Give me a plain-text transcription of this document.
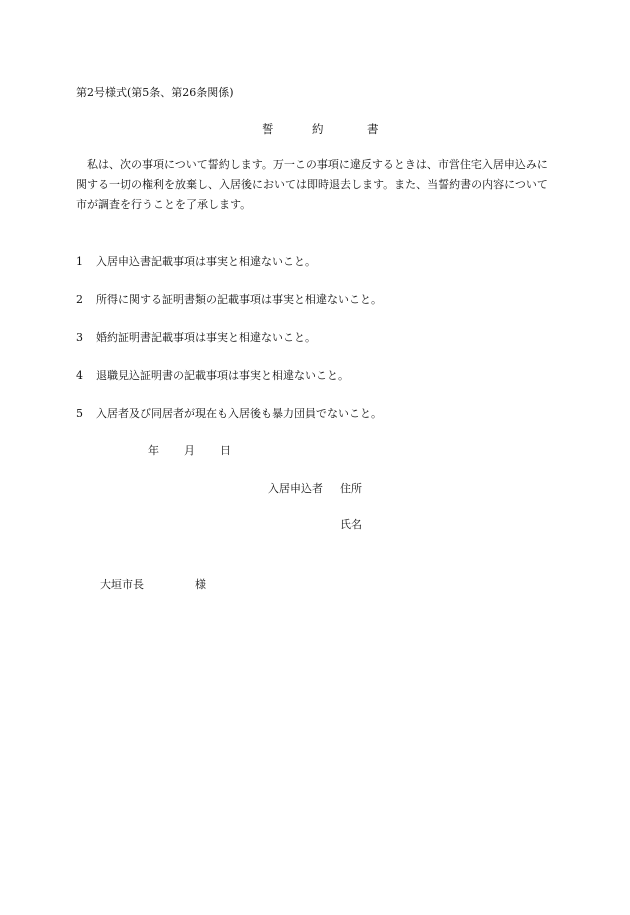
第2号様式(第5条、第26条関係)
誓	約	書

私は、次の事項について誓約します。万一この事項に違反するときは、市営住宅入居申込みに関する一切の権利を放棄し、入居後においては即時退去します。また、当誓約書の内容について市が調査を行うことを了承します。

1 入居申込書記載事項は事実と相違ないこと。
2 所得に関する証明書類の記載事項は事実と相違ないこと。
3 婚約証明書記載事項は事実と相違ないこと。
4 退職見込証明書の記載事項は事実と相違ないこと。
5 入居者及び同居者が現在も入居後も暴力団員でないこと。
年 月 日
入居申込者 住所
氏名
大垣市長	様
